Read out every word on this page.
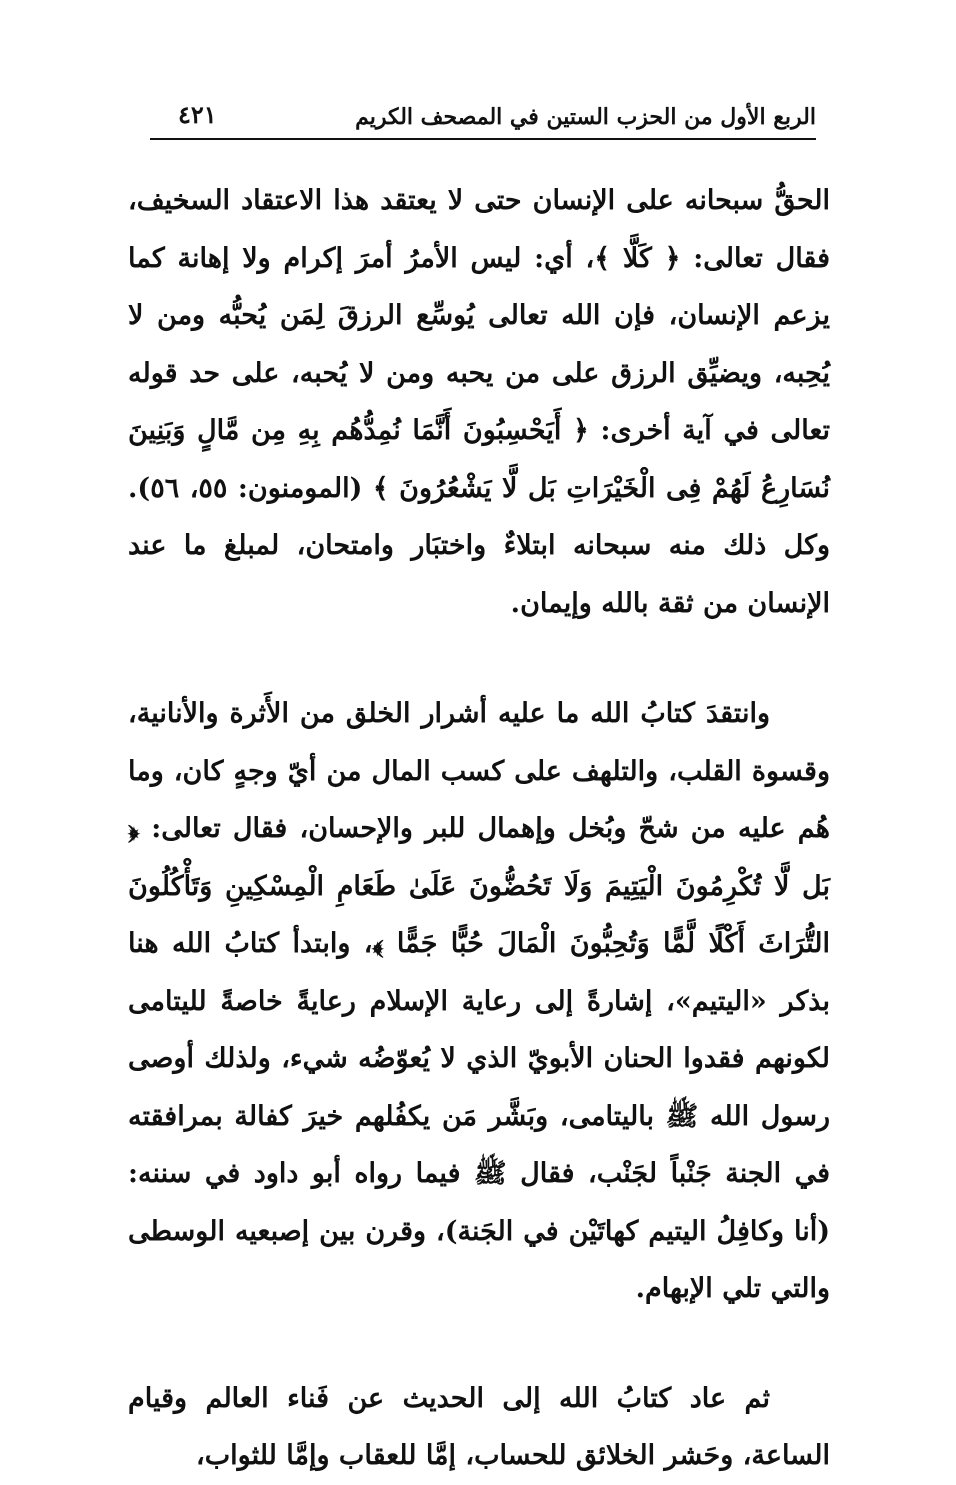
الربع الأول من الحزب الستين في المصحف الكريم
٤٢١

الحقُّ سبحانه على الإنسان حتى لا يعتقد هذا الاعتقاد السخيف، فقال تعالى: ﴿ كَلَّا ﴾، أي: ليس الأمرُ أمرَ إكرام ولا إهانة كما يزعم الإنسان، فإن الله تعالى يُوسِّع الرزقَ لِمَن يُحبُّه ومن لا يُحِبه، ويضيِّق الرزق على من يحبه ومن لا يُحبه، على حد قوله تعالى في آية أخرى: ﴿ أَيَحْسِبُونَ أَنَّمَا نُمِدُّهُم بِهِ مِن مَّالٍ وَبَنِينَ نُسَارِعُ لَهُمْ فِى الْخَيْرَاتِ بَل لَّا يَشْعُرُونَ ﴾ (المومنون: ٥٥، ٥٦). وكل ذلك منه سبحانه ابتلاءٌ واختبَار وامتحان، لمبلغ ما عند الإنسان من ثقة بالله وإيمان.

وانتقدَ كتابُ الله ما عليه أشرار الخلق من الأَثرة والأنانية، وقسوة القلب، والتلهف على كسب المال من أيّ وجهٍ كان، وما هُم عليه من شحّ وبُخل وإهمال للبر والإحسان، فقال تعالى: ﴿ بَل لَّا تُكْرِمُونَ الْيَتِيمَ وَلَا تَحُضُّونَ عَلَىٰ طَعَامِ الْمِسْكِينِ وَتَأْكُلُونَ التُّرَاثَ أَكْلًا لَّمًّا وَتُحِبُّونَ الْمَالَ حُبًّا جَمًّا ﴾، وابتدأ كتابُ الله هنا بذكر «اليتيم»، إشارةً إلى رعاية الإسلام رعايةً خاصةً لليتامى لكونهم فقدوا الحنان الأبويّ الذي لا يُعوّضُه شيء، ولذلك أوصى رسول الله ﷺ باليتامى، وبَشَّر مَن يكفُلهم خيرَ كفالة بمرافقته في الجنة جَنْباً لجَنْب، فقال ﷺ فيما رواه أبو داود في سننه: (أنا وكافِلُ اليتيم كهاتَيْن في الجَنة)، وقرن بين إصبعيه الوسطى والتي تلي الإبهام.

ثم عاد كتابُ الله إلى الحديث عن فَناء العالم وقيام الساعة، وحَشر الخلائق للحساب، إمَّا للعقاب وإمَّا للثواب،
